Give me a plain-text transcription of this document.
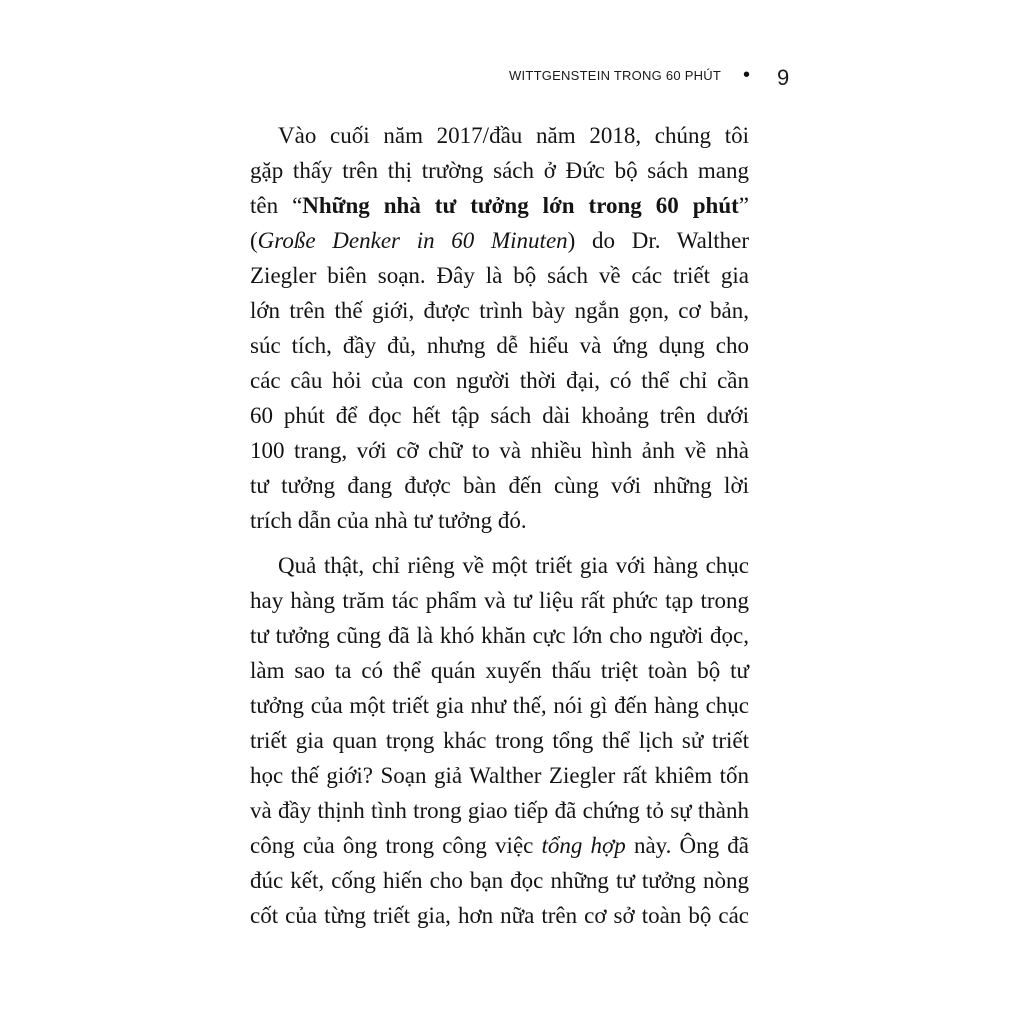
WITTGENSTEIN TRONG 60 PHÚT • 9
Vào cuối năm 2017/đầu năm 2018, chúng tôi
gặp thấy trên thị trường sách ở Đức bộ sách mang
tên “Những nhà tư tưởng lớn trong 60 phút”
(Große Denker in 60 Minuten) do Dr. Walther
Ziegler biên soạn. Đây là bộ sách về các triết gia
lớn trên thế giới, được trình bày ngắn gọn, cơ bản,
súc tích, đầy đủ, nhưng dễ hiểu và ứng dụng cho
các câu hỏi của con người thời đại, có thể chỉ cần
60 phút để đọc hết tập sách dài khoảng trên dưới
100 trang, với cỡ chữ to và nhiều hình ảnh về nhà
tư tưởng đang được bàn đến cùng với những lời
trích dẫn của nhà tư tưởng đó.
Quả thật, chỉ riêng về một triết gia với hàng chục
hay hàng trăm tác phẩm và tư liệu rất phức tạp trong
tư tưởng cũng đã là khó khăn cực lớn cho người đọc,
làm sao ta có thể quán xuyến thấu triệt toàn bộ tư
tưởng của một triết gia như thế, nói gì đến hàng chục
triết gia quan trọng khác trong tổng thể lịch sử triết
học thế giới? Soạn giả Walther Ziegler rất khiêm tốn
và đầy thịnh tình trong giao tiếp đã chứng tỏ sự thành
công của ông trong công việc tổng hợp này. Ông đã
đúc kết, cống hiến cho bạn đọc những tư tưởng nòng
cốt của từng triết gia, hơn nữa trên cơ sở toàn bộ các
